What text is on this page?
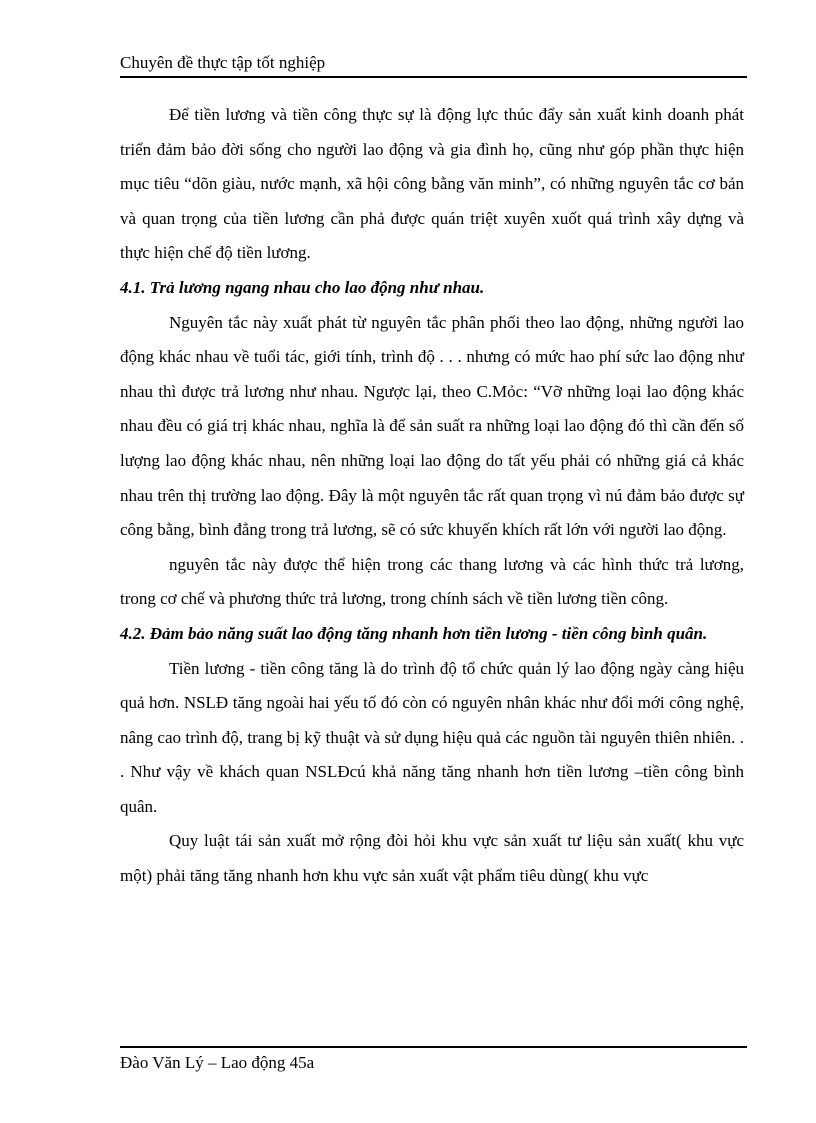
Chuyên đề thực tập tốt nghiệp

Để tiền lương và tiền công thực sự là động lực thúc đẩy sản xuất kinh doanh phát triển đảm bảo đời sống cho người lao động và gia đình họ, cũng như góp phần thực hiện mục tiêu “dõn giàu, nước mạnh, xã hội công bằng văn minh”, có những nguyên tắc cơ bản và quan trọng của tiền lương cần phả được quán triệt xuyên xuốt quá trình xây dựng và thực hiện chế độ tiền lương.

4.1. Trả lương ngang nhau cho lao động như nhau.

Nguyên tắc này xuất phát từ nguyên tắc phân phối theo lao động, những người lao động khác nhau về tuổi tác, giới tính, trình độ . . . nhưng có mức hao phí sức lao động như nhau thì được trả lương như nhau. Ngược lại, theo C.Mỏc: “Vỡ những loại lao động khác nhau đều có giá trị khác nhau, nghĩa là để sản suất ra những loại lao động đó thì cần đến số lượng lao động khác nhau, nên những loại lao động do tất yếu phải có những giá cả khác nhau trên thị trường lao động. Đây là một nguyên tắc rất quan trọng vì nú đảm bảo được sự công bằng, bình đẳng trong trả lương, sẽ có sức khuyến khích rất lớn với người lao động.

nguyên tắc này được thể hiện trong các thang lương và các hình thức trả lương, trong cơ chế và phương thức trả lương, trong chính sách về tiền lương tiền công.

4.2. Đảm bảo năng suất lao động tăng nhanh hơn tiền lương - tiền công bình quân.

Tiền lương - tiền công tăng là do trình độ tổ chức quản lý lao động ngày càng hiệu quả hơn. NSLĐ tăng ngoài hai yếu tố đó còn có nguyên nhân khác như đổi mới công nghệ, nâng cao trình độ, trang bị kỹ thuật và sử dụng hiệu quả các nguồn tài nguyên thiên nhiên. . . Như vậy về khách quan NSLĐcú khả năng tăng nhanh hơn tiền lương –tiền công bình quân.

Quy luật tái sản xuất mở rộng đòi hỏi khu vực sản xuất tư liệu sản xuất( khu vực một) phải tăng tăng nhanh hơn khu vực sản xuất vật phẩm tiêu dùng( khu vực

Đào Văn Lý – Lao động 45a
